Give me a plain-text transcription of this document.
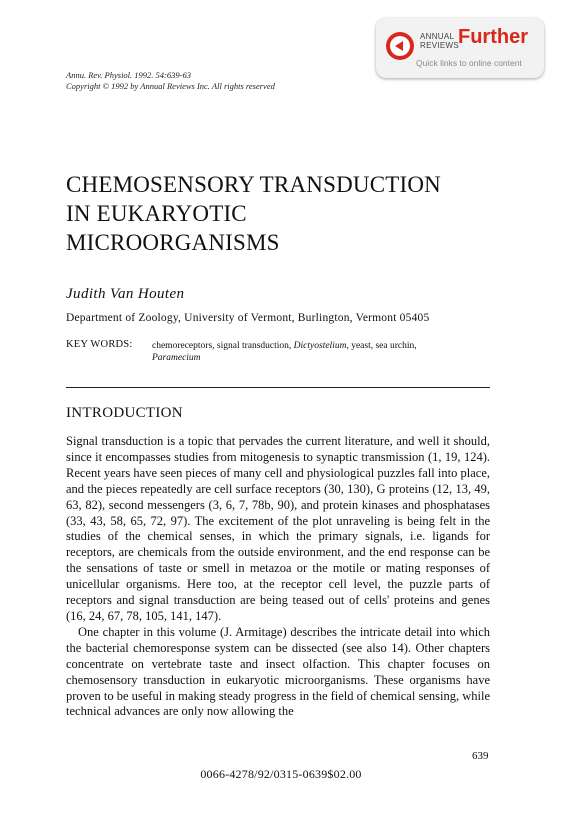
ANNUAL
REVIEWS Further
Quick links to online content
Annu. Rev. Physiol. 1992. 54:639-63
Copyright © 1992 by Annual Reviews Inc. All rights reserved
CHEMOSENSORY TRANSDUCTION
IN EUKARYOTIC
MICROORGANISMS
Judith Van Houten
Department of Zoology, University of Vermont, Burlington, Vermont 05405
KEY WORDS: chemoreceptors, signal transduction, Dictyostelium, yeast, sea urchin,
Paramecium
INTRODUCTION

Signal transduction is a topic that pervades the current literature, and well it should, since it encompasses studies from mitogenesis to synaptic transmission (1, 19, 124). Recent years have seen pieces of many cell and physiological puzzles fall into place, and the pieces repeatedly are cell surface receptors (30, 130), G proteins (12, 13, 49, 63, 82), second messengers (3, 6, 7, 78b, 90), and protein kinases and phosphatases (33, 43, 58, 65, 72, 97). The excitement of the plot unraveling is being felt in the studies of the chemical senses, in which the primary signals, i.e. ligands for receptors, are chemicals from the outside environment, and the end response can be the sensations of taste or smell in metazoa or the motile or mating responses of unicellular organisms. Here too, at the receptor cell level, the puzzle parts of receptors and signal transduction are being teased out of cells' proteins and genes (16, 24, 67, 78, 105, 141, 147).

One chapter in this volume (J. Armitage) describes the intricate detail into which the bacterial chemoresponse system can be dissected (see also 14). Other chapters concentrate on vertebrate taste and insect olfaction. This chapter focuses on chemosensory transduction in eukaryotic microorganisms. These organisms have proven to be useful in making steady progress in the field of chemical sensing, while technical advances are only now allowing the

639
0066-4278/92/0315-0639$02.00
